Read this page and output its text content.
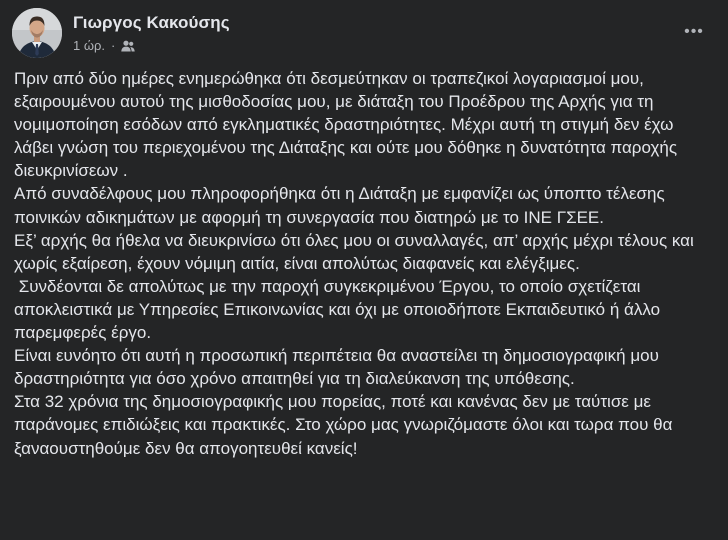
Γιωργος Κακούσης
1 ώρ. ·
•••

Πριν από δύο ημέρες ενημερώθηκα ότι δεσμεύτηκαν οι τραπεζικοί λογαριασμοί μου,  εξαιρουμένου αυτού της μισθοδοσίας μου, με διάταξη του Προέδρου της Αρχής για τη νομιμοποίηση εσόδων από εγκληματικές δραστηριότητες. Μέχρι αυτή τη στιγμή δεν έχω λάβει γνώση του περιεχομένου της Διάταξης και ούτε μου δόθηκε η δυνατότητα παροχής διευκρινίσεων .

Από συναδέλφους μου πληροφορήθηκα ότι η Διάταξη με εμφανίζει ως ύποπτο τέλεσης  ποινικών αδικημάτων με αφορμή τη συνεργασία που διατηρώ με το ΙΝΕ ΓΣΕΕ.

Εξ’ αρχής θα ήθελα να διευκρινίσω ότι όλες μου οι συναλλαγές, απ’ αρχής μέχρι τέλους και χωρίς εξαίρεση, έχουν νόμιμη αιτία, είναι απολύτως διαφανείς και ελέγξιμες.

Συνδέονται δε απολύτως με την παροχή συγκεκριμένου Έργου, το οποίο σχετίζεται αποκλειστικά με Υπηρεσίες Επικοινωνίας και όχι με οποιοδήποτε Εκπαιδευτικό ή άλλο παρεμφερές έργο.

Είναι ευνόητο ότι αυτή η προσωπική περιπέτεια θα αναστείλει τη δημοσιογραφική μου δραστηριότητα για όσο χρόνο απαιτηθεί για τη διαλεύκανση της υπόθεσης.

Στα 32 χρόνια της δημοσιογραφικής μου πορείας, ποτέ και κανένας δεν με ταύτισε με παράνομες επιδιώξεις και πρακτικές. Στο χώρο μας γνωριζόμαστε όλοι και τωρα που θα ξαναουστηθούμε δεν θα απογοητευθεί κανείς!
